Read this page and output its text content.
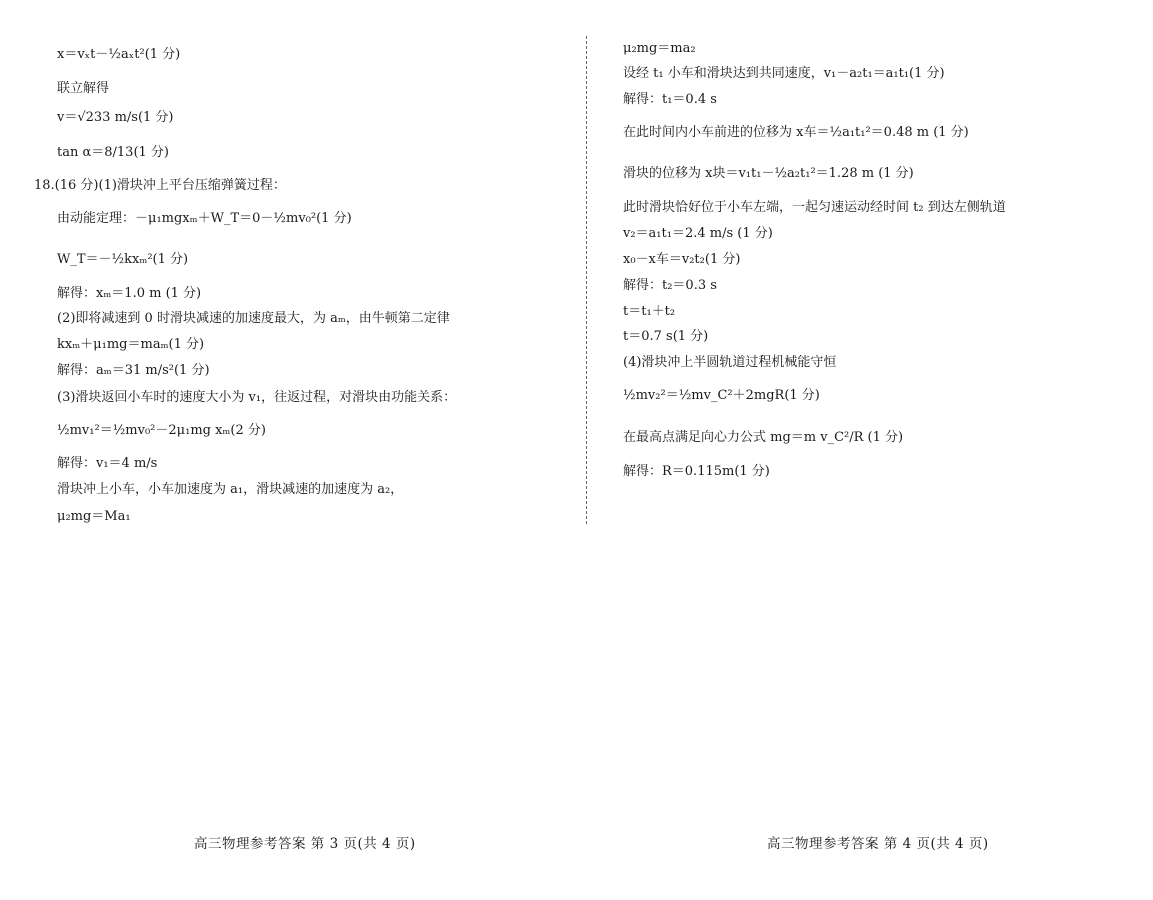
x＝vₓt－½aₓt²(1 分)
联立解得
v＝√233 m/s(1 分)
tan α＝8/13(1 分)
18.(16 分)(1)滑块冲上平台压缩弹簧过程：
由动能定理：－μ₁mgxₘ＋W_T＝0－½mv₀²(1 分)
W_T＝－½kxₘ²(1 分)
解得：xₘ＝1.0 m (1 分)
(2)即将减速到 0 时滑块减速的加速度最大，为 aₘ，由牛顿第二定律
kxₘ＋μ₁mg＝maₘ(1 分)
解得：aₘ＝31 m/s²(1 分)
(3)滑块返回小车时的速度大小为 v₁，往返过程，对滑块由功能关系：
½mv₁²＝½mv₀²－2μ₁mg xₘ(2 分)
解得：v₁＝4 m/s
滑块冲上小车，小车加速度为 a₁，滑块减速的加速度为 a₂，
μ₂mg＝Ma₁
μ₂mg＝ma₂
设经 t₁ 小车和滑块达到共同速度，v₁－a₂t₁＝a₁t₁(1 分)
解得：t₁＝0.4 s
在此时间内小车前进的位移为 x车＝½a₁t₁²＝0.48 m (1 分)
滑块的位移为 x块＝v₁t₁－½a₂t₁²＝1.28 m (1 分)
此时滑块恰好位于小车左端，一起匀速运动经时间 t₂ 到达左侧轨道
v₂＝a₁t₁＝2.4 m/s (1 分)
x₀－x车＝v₂t₂(1 分)
解得：t₂＝0.3 s
t＝t₁＋t₂
t＝0.7 s(1 分)
(4)滑块冲上半圆轨道过程机械能守恒
½mv₂²＝½mv_C²＋2mgR(1 分)
在最高点满足向心力公式 mg＝m v_C²/R (1 分)
解得：R＝0.115m(1 分)
高三物理参考答案 第 3 页(共 4 页)	高三物理参考答案 第 4 页(共 4 页)
